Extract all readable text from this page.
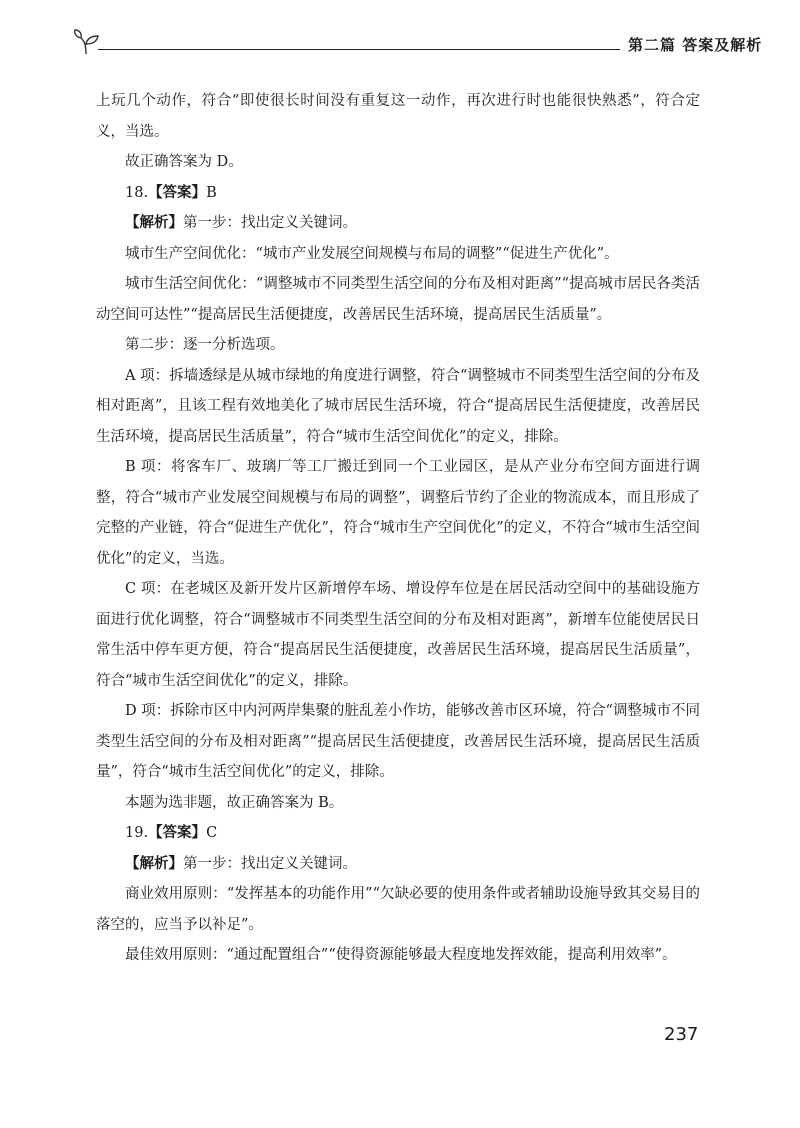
第二篇 答案及解析

上玩几个动作，符合“即使很长时间没有重复这一动作，再次进行时也能很快熟悉”，符合定义，当选。

故正确答案为 D。

18.【答案】B

【解析】第一步：找出定义关键词。

城市生产空间优化：“城市产业发展空间规模与布局的调整”“促进生产优化”。

城市生活空间优化：“调整城市不同类型生活空间的分布及相对距离”“提高城市居民各类活动空间可达性”“提高居民生活便捷度，改善居民生活环境，提高居民生活质量”。

第二步：逐一分析选项。

A 项：拆墙透绿是从城市绿地的角度进行调整，符合“调整城市不同类型生活空间的分布及相对距离”，且该工程有效地美化了城市居民生活环境，符合“提高居民生活便捷度，改善居民生活环境，提高居民生活质量”，符合“城市生活空间优化”的定义，排除。

B 项：将客车厂、玻璃厂等工厂搬迁到同一个工业园区，是从产业分布空间方面进行调整，符合“城市产业发展空间规模与布局的调整”，调整后节约了企业的物流成本，而且形成了完整的产业链，符合“促进生产优化”，符合“城市生产空间优化”的定义，不符合“城市生活空间优化”的定义，当选。

C 项：在老城区及新开发片区新增停车场、增设停车位是在居民活动空间中的基础设施方面进行优化调整，符合“调整城市不同类型生活空间的分布及相对距离”，新增车位能使居民日常生活中停车更方便，符合“提高居民生活便捷度，改善居民生活环境，提高居民生活质量”，符合“城市生活空间优化”的定义，排除。

D 项：拆除市区中内河两岸集聚的脏乱差小作坊，能够改善市区环境，符合“调整城市不同类型生活空间的分布及相对距离”“提高居民生活便捷度，改善居民生活环境，提高居民生活质量”，符合“城市生活空间优化”的定义，排除。

本题为选非题，故正确答案为 B。

19.【答案】C

【解析】第一步：找出定义关键词。

商业效用原则：“发挥基本的功能作用”“欠缺必要的使用条件或者辅助设施导致其交易目的落空的，应当予以补足”。

最佳效用原则：“通过配置组合”“使得资源能够最大程度地发挥效能，提高利用效率”。

237
